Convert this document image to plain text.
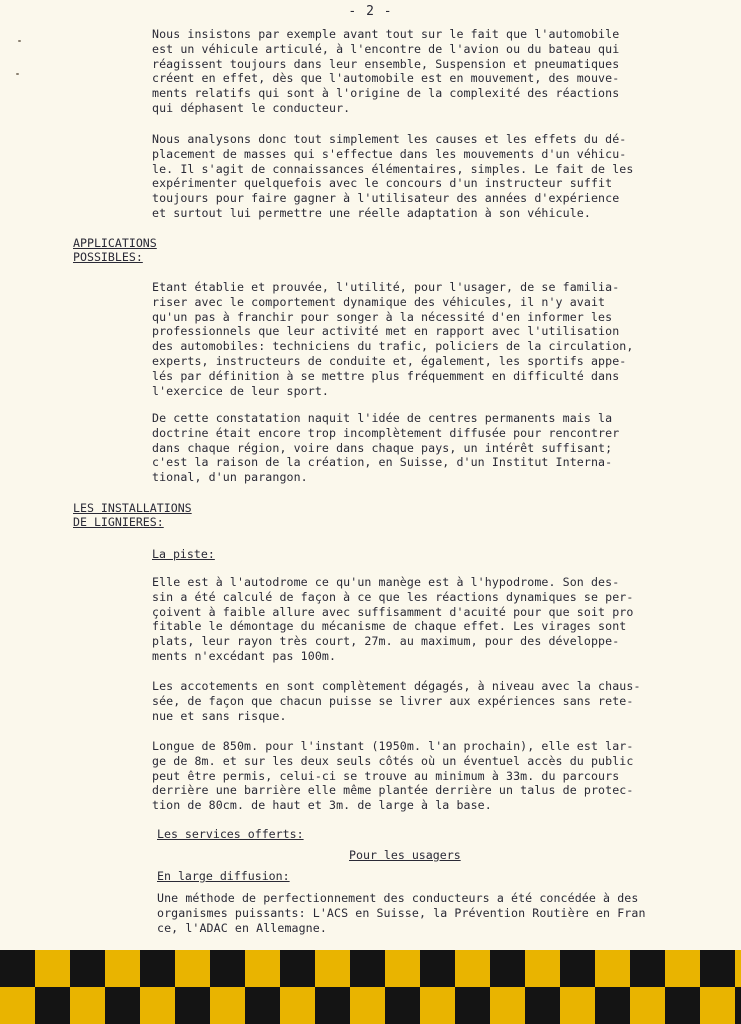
- 2 -

Nous insistons par exemple avant tout sur le fait que l'automobile
est un véhicule articulé, à l'encontre de l'avion ou du bateau qui
réagissent toujours dans leur ensemble, Suspension et pneumatiques
créent en effet, dès que l'automobile est en mouvement, des mouve-
ments relatifs qui sont à l'origine de la complexité des réactions
qui déphasent le conducteur.

Nous analysons donc tout simplement les causes et les effets du dé-
placement de masses qui s'effectue dans les mouvements d'un véhicu-
le. Il s'agit de connaissances élémentaires, simples. Le fait de les
expérimenter quelquefois avec le concours d'un instructeur suffit
toujours pour faire gagner à l'utilisateur des années d'expérience
et surtout lui permettre une réelle adaptation à son véhicule.

APPLICATIONS
POSSIBLES:

Etant établie et prouvée, l'utilité, pour l'usager, de se familia-
riser avec le comportement dynamique des véhicules, il n'y avait
qu'un pas à franchir pour songer à la nécessité d'en informer les
professionnels que leur activité met en rapport avec l'utilisation
des automobiles: techniciens du trafic, policiers de la circulation,
experts, instructeurs de conduite et, également, les sportifs appe-
lés par définition à se mettre plus fréquemment en difficulté dans
l'exercice de leur sport.

De cette constatation naquit l'idée de centres permanents mais la
doctrine était encore trop incomplètement diffusée pour rencontrer
dans chaque région, voire dans chaque pays, un intérêt suffisant;
c'est la raison de la création, en Suisse, d'un Institut Interna-
tional, d'un parangon.

LES INSTALLATIONS
DE LIGNIERES:

La piste:

Elle est à l'autodrome ce qu'un manège est à l'hypodrome. Son des-
sin a été calculé de façon à ce que les réactions dynamiques se per-
çoivent à faible allure avec suffisamment d'acuité pour que soit pro
fitable le démontage du mécanisme de chaque effet. Les virages sont
plats, leur rayon très court, 27m. au maximum, pour des développe-
ments n'excédant pas 100m.

Les accotements en sont complètement dégagés, à niveau avec la chaus-
sée, de façon que chacun puisse se livrer aux expériences sans rete-
nue et sans risque.

Longue de 850m. pour l'instant (1950m. l'an prochain), elle est lar-
ge de 8m. et sur les deux seuls côtés où un éventuel accès du public
peut être permis, celui-ci se trouve au minimum à 33m. du parcours
derrière une barrière elle même plantée derrière un talus de protec-
tion de 80cm. de haut et 3m. de large à la base.

Les services offerts:

Pour les usagers

En large diffusion:

Une méthode de perfectionnement des conducteurs a été concédée à des
organismes puissants: L'ACS en Suisse, la Prévention Routière en Fran
ce, l'ADAC en Allemagne.
